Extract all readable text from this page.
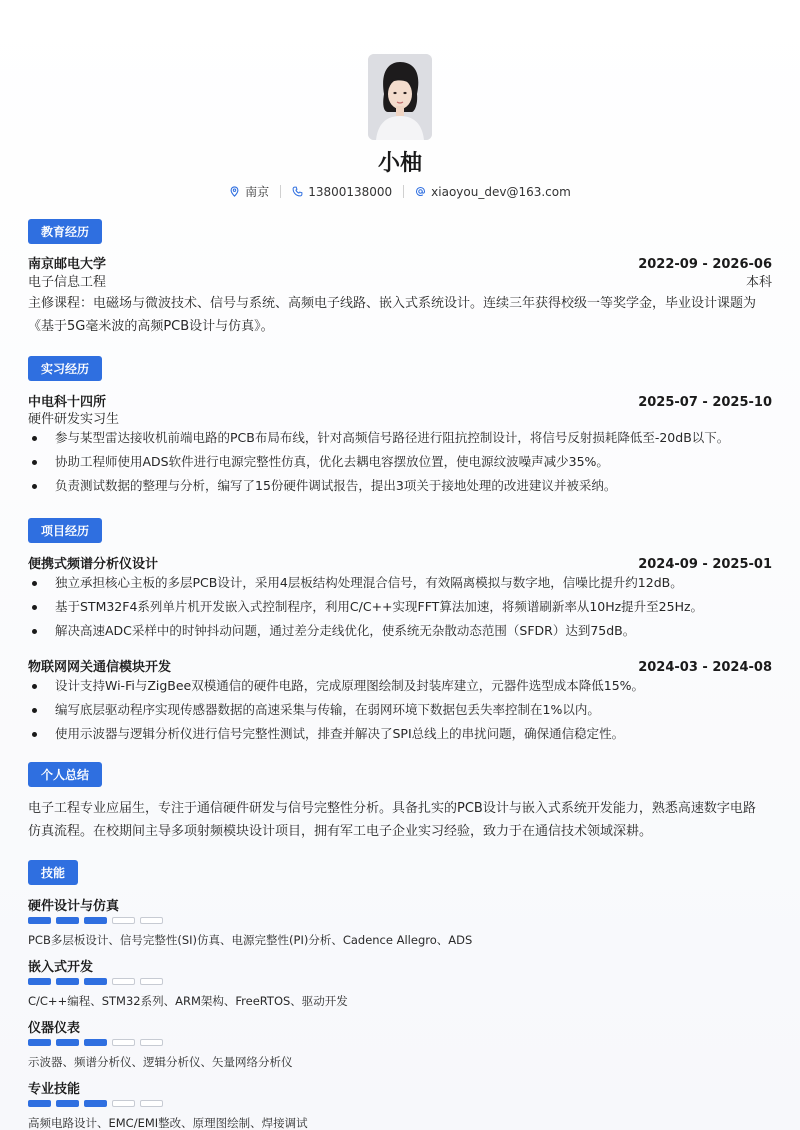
小柚
南京	13800138000	xiaoyou_dev@163.com
教育经历
南京邮电大学	2022-09 - 2026-06
电子信息工程	本科
主修课程：电磁场与微波技术、信号与系统、高频电子线路、嵌入式系统设计。连续三年获得校级一等奖学金，毕业设计课题为
《基于5G毫米波的高频PCB设计与仿真》。
实习经历
中电科十四所	2025-07 - 2025-10
硬件研发实习生
参与某型雷达接收机前端电路的PCB布局布线，针对高频信号路径进行阻抗控制设计，将信号反射损耗降低至-20dB以下。
协助工程师使用ADS软件进行电源完整性仿真，优化去耦电容摆放位置，使电源纹波噪声减少35%。
负责测试数据的整理与分析，编写了15份硬件调试报告，提出3项关于接地处理的改进建议并被采纳。
项目经历
便携式频谱分析仪设计	2024-09 - 2025-01
独立承担核心主板的多层PCB设计，采用4层板结构处理混合信号，有效隔离模拟与数字地，信噪比提升约12dB。
基于STM32F4系列单片机开发嵌入式控制程序，利用C/C++实现FFT算法加速，将频谱刷新率从10Hz提升至25Hz。
解决高速ADC采样中的时钟抖动问题，通过差分走线优化，使系统无杂散动态范围（SFDR）达到75dB。
物联网网关通信模块开发	2024-03 - 2024-08
设计支持Wi-Fi与ZigBee双模通信的硬件电路，完成原理图绘制及封装库建立，元器件选型成本降低15%。
编写底层驱动程序实现传感器数据的高速采集与传输，在弱网环境下数据包丢失率控制在1%以内。
使用示波器与逻辑分析仪进行信号完整性测试，排查并解决了SPI总线上的串扰问题，确保通信稳定性。
个人总结
电子工程专业应届生，专注于通信硬件研发与信号完整性分析。具备扎实的PCB设计与嵌入式系统开发能力，熟悉高速数字电路
仿真流程。在校期间主导多项射频模块设计项目，拥有军工电子企业实习经验，致力于在通信技术领域深耕。
技能
硬件设计与仿真
PCB多层板设计、信号完整性(SI)仿真、电源完整性(PI)分析、Cadence Allegro、ADS
嵌入式开发
C/C++编程、STM32系列、ARM架构、FreeRTOS、驱动开发
仪器仪表
示波器、频谱分析仪、逻辑分析仪、矢量网络分析仪
专业技能
高频电路设计、EMC/EMI整改、原理图绘制、焊接调试
